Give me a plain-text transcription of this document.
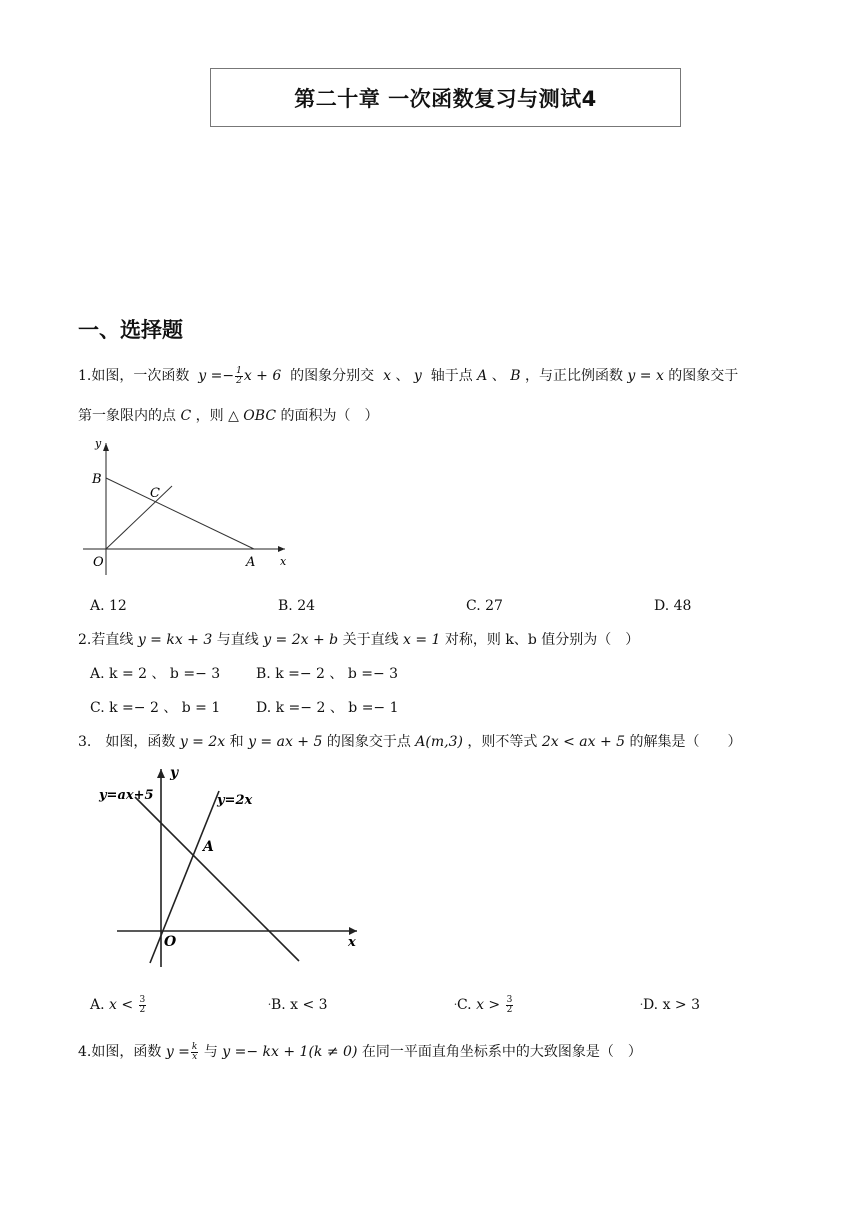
第二十章 一次函数复习与测试4
一、选择题
1.如图，一次函数 $y =- \frac{1}{2}$ x + 6 的图象分别交 x 、 y 轴于点 A 、 B ，与正比例函数 y = x 的图象交于
第一象限内的点 C ，则 △ OBC 的面积为（　）
y
B
C
O	A x
A. 12	B. 24	C. 27	D. 48
2.若直线 y = kx + 3 与直线 y = 2x + b 关于直线 x = 1 对称，则 k、b 值分别为（　）
A. k = 2 、 b =− 3	B. k =− 2 、 b =− 3
C. k =− 2 、 b = 1	D. k =− 2 、 b =− 1
3.　如图，函数 y = 2x 和 y = ax + 5 的图象交于点 A(m,3) ，则不等式 2x < ax + 5 的解集是（　　）
y=ax+5
y
y=2x
A
O	x
A. $x < \frac{3}{2}$	•B. x < 3	•C. $x > \frac{3}{2}$	•D. x > 3
4.如图，函数 $y = \frac{k}{x}$ 与 y =− kx + 1(k ≠ 0) 在同一平面直角坐标系中的大致图象是（　）
